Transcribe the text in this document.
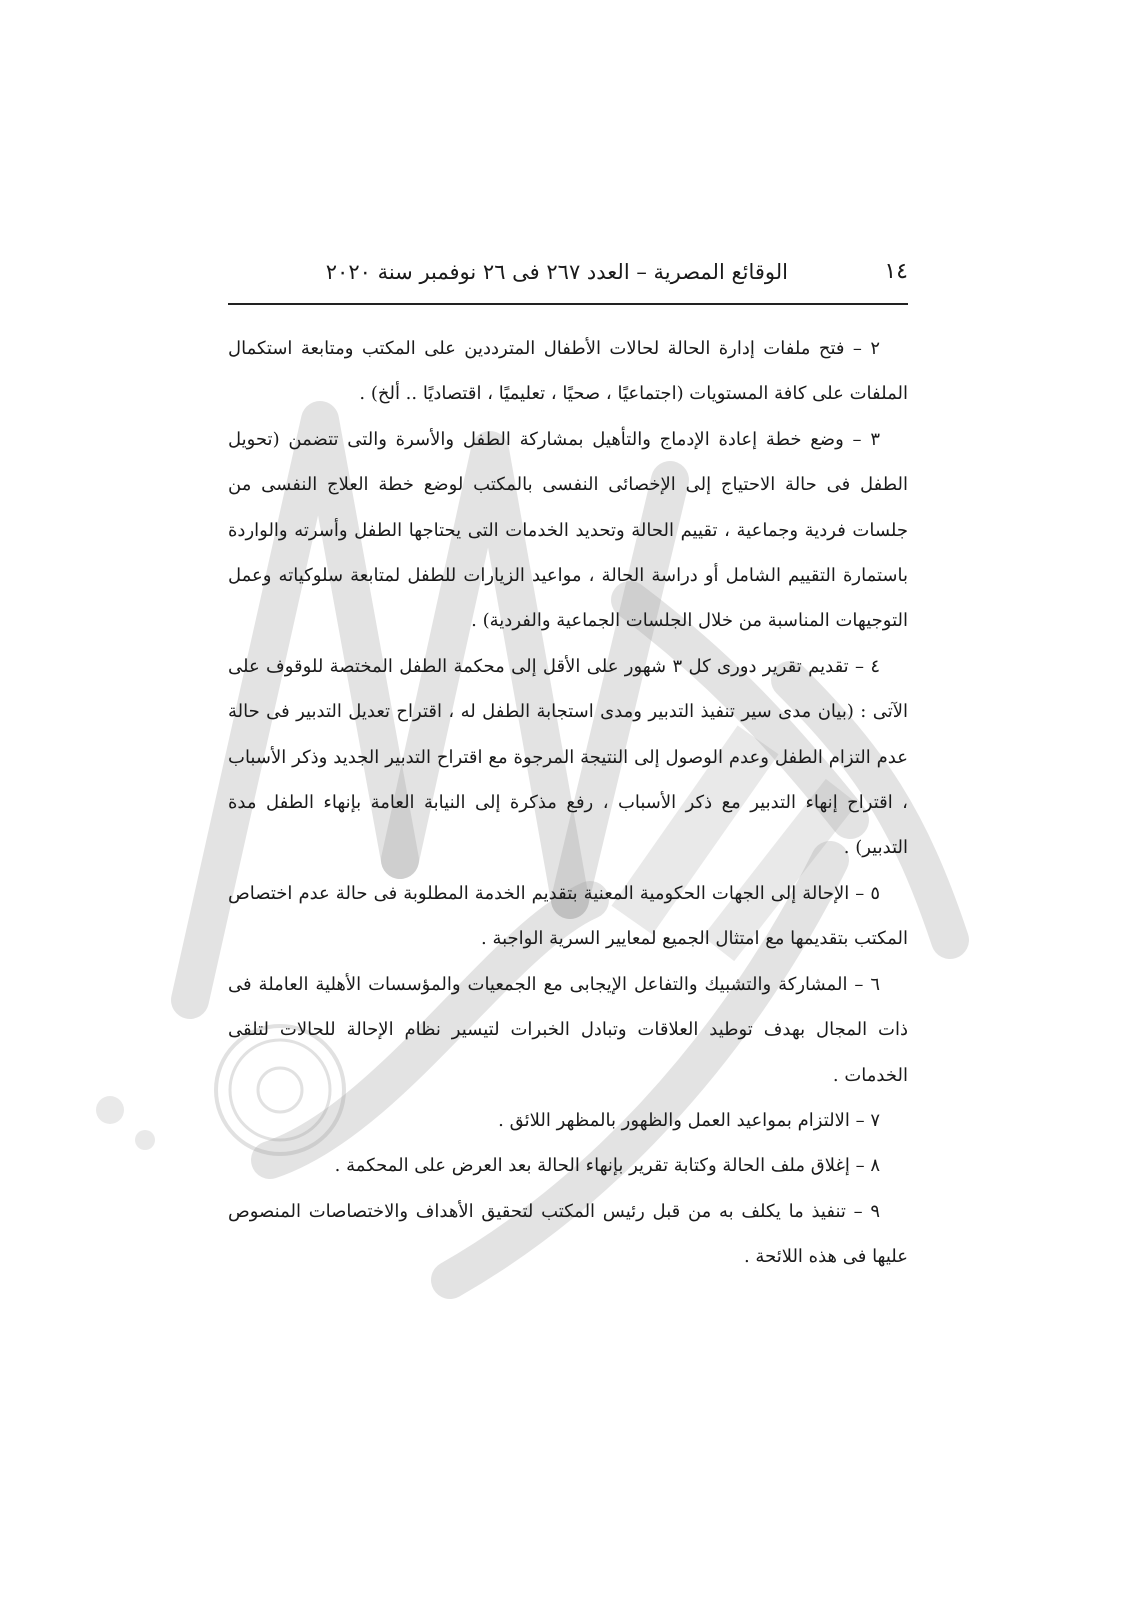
١٤
الوقائع المصرية – العدد ٢٦٧ فى ٢٦ نوفمبر سنة ٢٠٢٠

٢ – فتح ملفات إدارة الحالة لحالات الأطفال المترددين على المكتب ومتابعة استكمال الملفات على كافة المستويات (اجتماعيًا ، صحيًا ، تعليميًا ، اقتصاديًا .. ألخ) .

٣ – وضع خطة إعادة الإدماج والتأهيل بمشاركة الطفل والأسرة والتى تتضمن (تحويل الطفل فى حالة الاحتياج إلى الإخصائى النفسى بالمكتب لوضع خطة العلاج النفسى من جلسات فردية وجماعية ، تقييم الحالة وتحديد الخدمات التى يحتاجها الطفل وأسرته والواردة باستمارة التقييم الشامل أو دراسة الحالة ، مواعيد الزيارات للطفل لمتابعة سلوكياته وعمل التوجيهات المناسبة من خلال الجلسات الجماعية والفردية) .

٤ – تقديم تقرير دورى كل ٣ شهور على الأقل إلى محكمة الطفل المختصة للوقوف على الآتى : (بيان مدى سير تنفيذ التدبير ومدى استجابة الطفل له ، اقتراح تعديل التدبير فى حالة عدم التزام الطفل وعدم الوصول إلى النتيجة المرجوة مع اقتراح التدبير الجديد وذكر الأسباب ، اقتراح إنهاء التدبير مع ذكر الأسباب ، رفع مذكرة إلى النيابة العامة بإنهاء الطفل مدة التدبير) .

٥ – الإحالة إلى الجهات الحكومية المعنية بتقديم الخدمة المطلوبة فى حالة عدم اختصاص المكتب بتقديمها مع امتثال الجميع لمعايير السرية الواجبة .

٦ – المشاركة والتشبيك والتفاعل الإيجابى مع الجمعيات والمؤسسات الأهلية العاملة فى ذات المجال بهدف توطيد العلاقات وتبادل الخبرات لتيسير نظام الإحالة للحالات لتلقى الخدمات .

٧ – الالتزام بمواعيد العمل والظهور بالمظهر اللائق .

٨ – إغلاق ملف الحالة وكتابة تقرير بإنهاء الحالة بعد العرض على المحكمة .

٩ – تنفيذ ما يكلف به من قبل رئيس المكتب لتحقيق الأهداف والاختصاصات المنصوص عليها فى هذه اللائحة .
